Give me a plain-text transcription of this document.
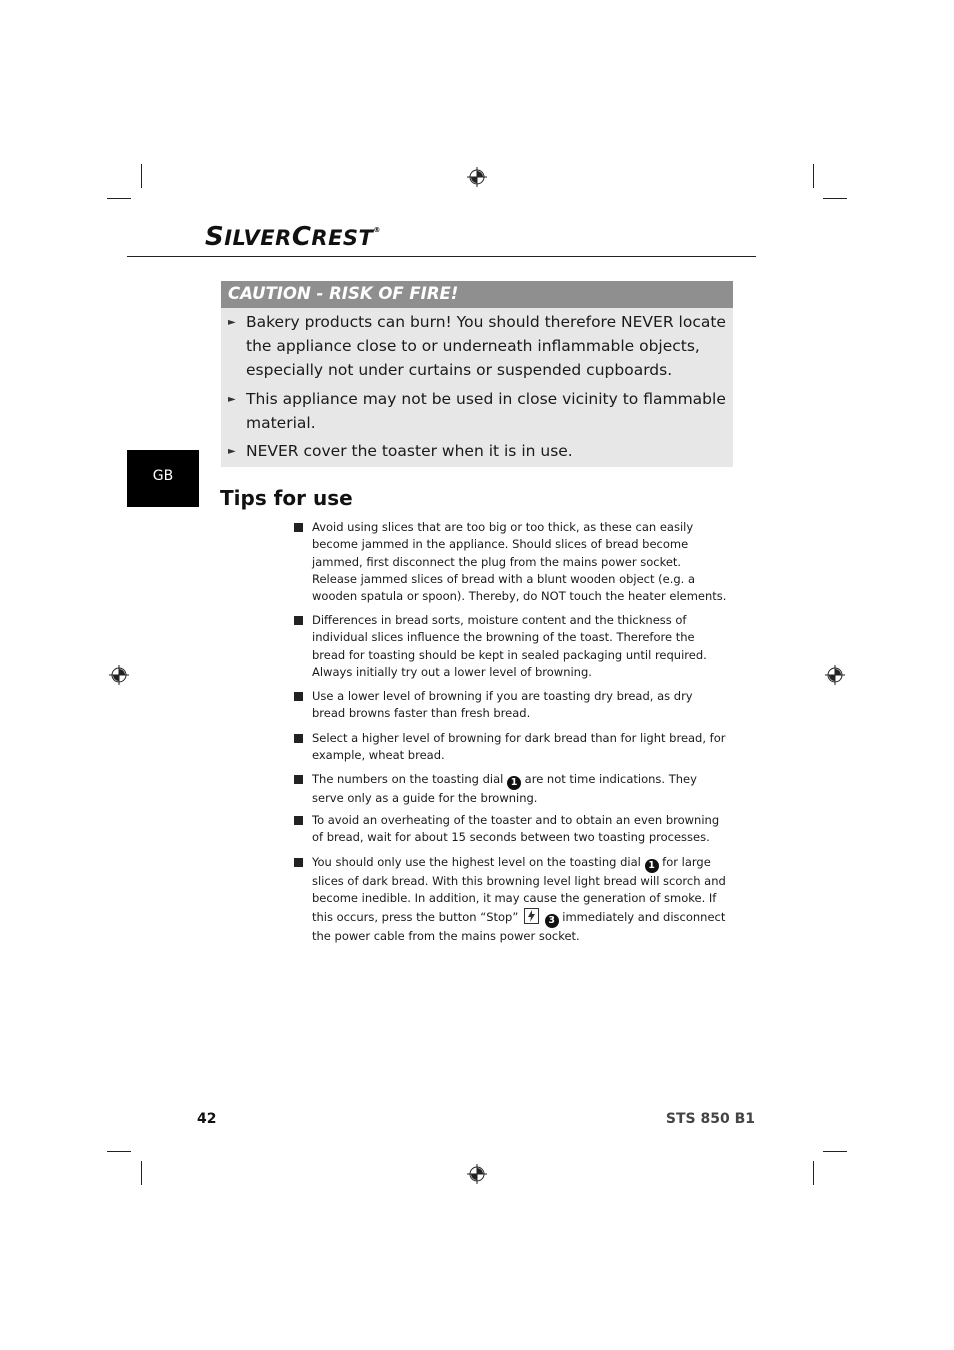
SILVERCREST®
CAUTION - RISK OF FIRE!
► Bakery products can burn! You should therefore NEVER locate the appliance close to or underneath inflammable objects, especially not under curtains or suspended cupboards.
► This appliance may not be used in close vicinity to flammable material.
► NEVER cover the toaster when it is in use.
GB
Tips for use
Avoid using slices that are too big or too thick, as these can easily become jammed in the appliance. Should slices of bread become jammed, first disconnect the plug from the mains power socket. Release jammed slices of bread with a blunt wooden object (e.g. a wooden spatula or spoon). Thereby, do NOT touch the heater elements.
Differences in bread sorts, moisture content and the thickness of individual slices influence the browning of the toast. Therefore the bread for toasting should be kept in sealed packaging until required. Always initially try out a lower level of browning.
Use a lower level of browning if you are toasting dry bread, as dry bread browns faster than fresh bread.
Select a higher level of browning for dark bread than for light bread, for example, wheat bread.
The numbers on the toasting dial 1 are not time indications. They serve only as a guide for the browning.
To avoid an overheating of the toaster and to obtain an even browning of bread, wait for about 15 seconds between two toasting processes.
You should only use the highest level on the toasting dial 1 for large slices of dark bread. With this browning level light bread will scorch and become inedible. In addition, it may cause the generation of smoke. If this occurs, press the button “Stop”	3 immediately and disconnect the power cable from the mains power socket.
42	STS 850 B1
